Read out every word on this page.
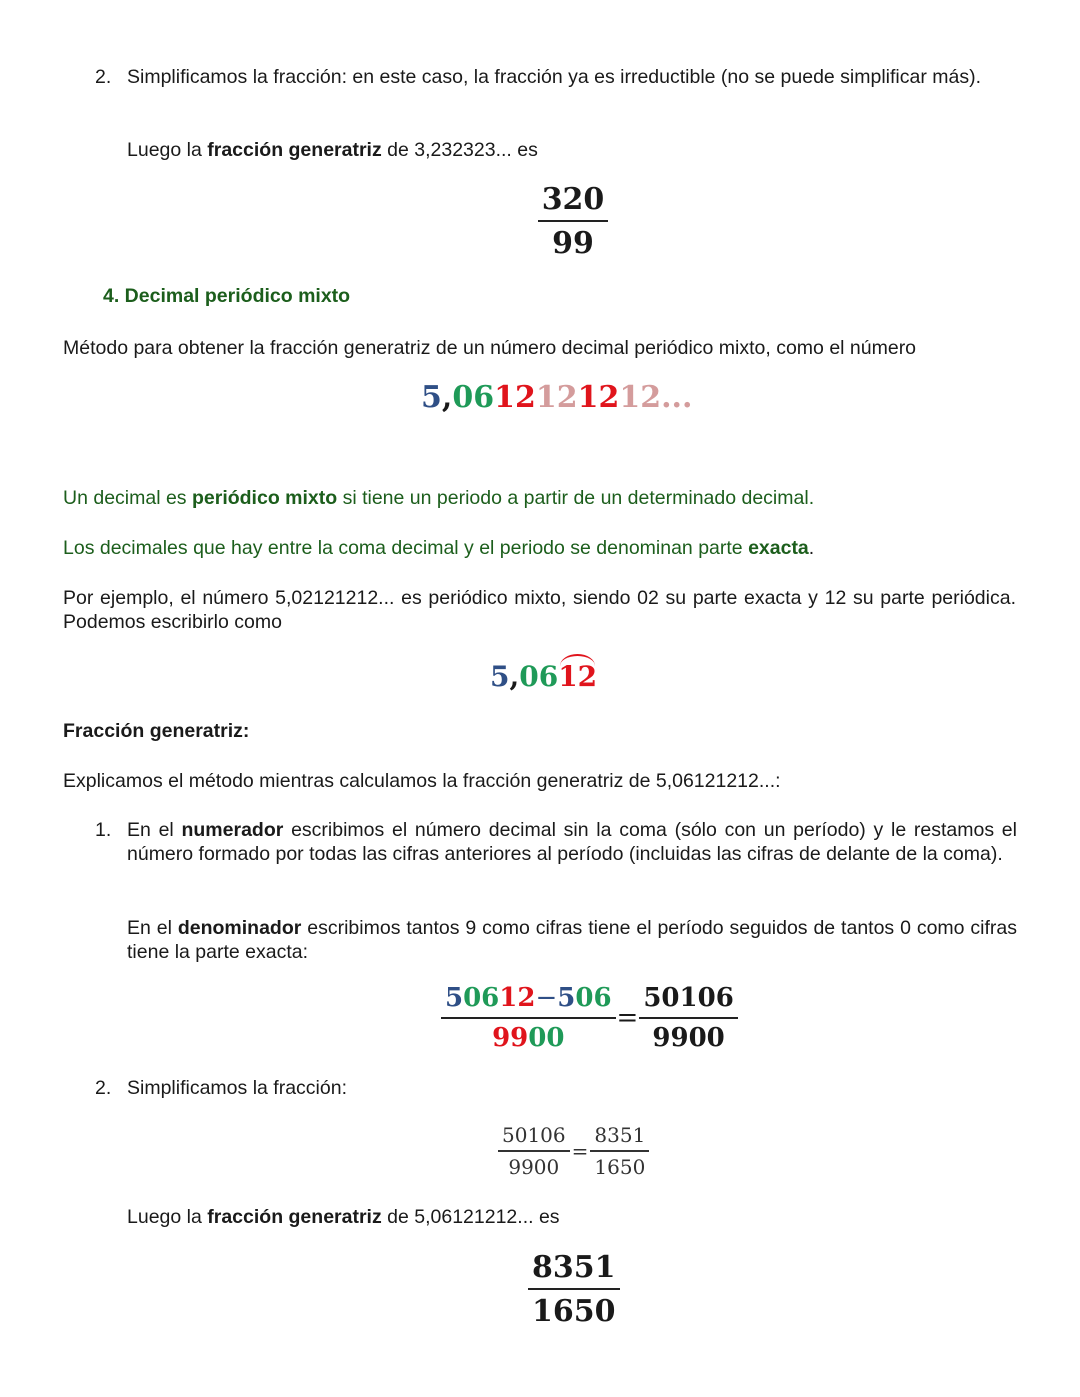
2. Simplificamos la fracción: en este caso, la fracción ya es irreductible (no se puede simplificar más).
Luego la fracción generatriz de 3,232323... es
$\frac{320}{99}$
4. Decimal periódico mixto
Método para obtener la fracción generatriz de un número decimal periódico mixto, como el número
5,0612121212...
Un decimal es periódico mixto si tiene un periodo a partir de un determinado decimal.
Los decimales que hay entre la coma decimal y el periodo se denominan parte exacta.
Por ejemplo, el número 5,02121212... es periódico mixto, siendo 02 su parte exacta y 12 su parte periódica. Podemos escribirlo como
5,0612
Fracción generatriz:
Explicamos el método mientras calculamos la fracción generatriz de 5,06121212...:
1. En el numerador escribimos el número decimal sin la coma (sólo con un período) y le restamos el número formado por todas las cifras anteriores al período (incluidas las cifras de delante de la coma).
En el denominador escribimos tantos 9 como cifras tiene el período seguidos de tantos 0 como cifras tiene la parte exacta:
$\frac{50612-506}{9900} = \frac{50106}{9900}$
2. Simplificamos la fracción:
$\frac{50106}{9900} = \frac{8351}{1650}$
Luego la fracción generatriz de 5,06121212... es
$\frac{8351}{1650}$
